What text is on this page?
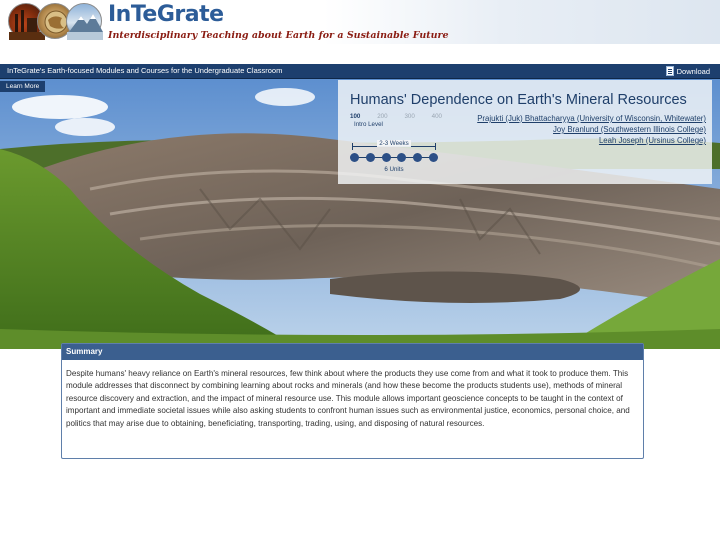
InTeGrate
Interdisciplinary Teaching about Earth for a Sustainable Future
InTeGrate's Earth-focused Modules and Courses for the Undergraduate Classroom	Download
Learn More
Humans' Dependence on Earth's Mineral Resources
100	200	300	400
Intro Level
2-3 Weeks
6 Units
Prajukti (Juk) Bhattacharyya (University of Wisconsin, Whitewater)
Joy Branlund (Southwestern Illinois College)
Leah Joseph (Ursinus College)
Summary
Despite humans' heavy reliance on Earth's mineral resources, few think about where the products they use come from and what it took to produce them. This module addresses that disconnect by combining learning about rocks and minerals (and how these become the products students use), methods of mineral resource discovery and extraction, and the impact of mineral resource use. This module allows important geoscience concepts to be taught in the context of important and immediate societal issues while also asking students to confront human issues such as environmental justice, economics, personal choice, and politics that may arise due to obtaining, beneficiating, transporting, trading, using, and disposing of natural resources.
